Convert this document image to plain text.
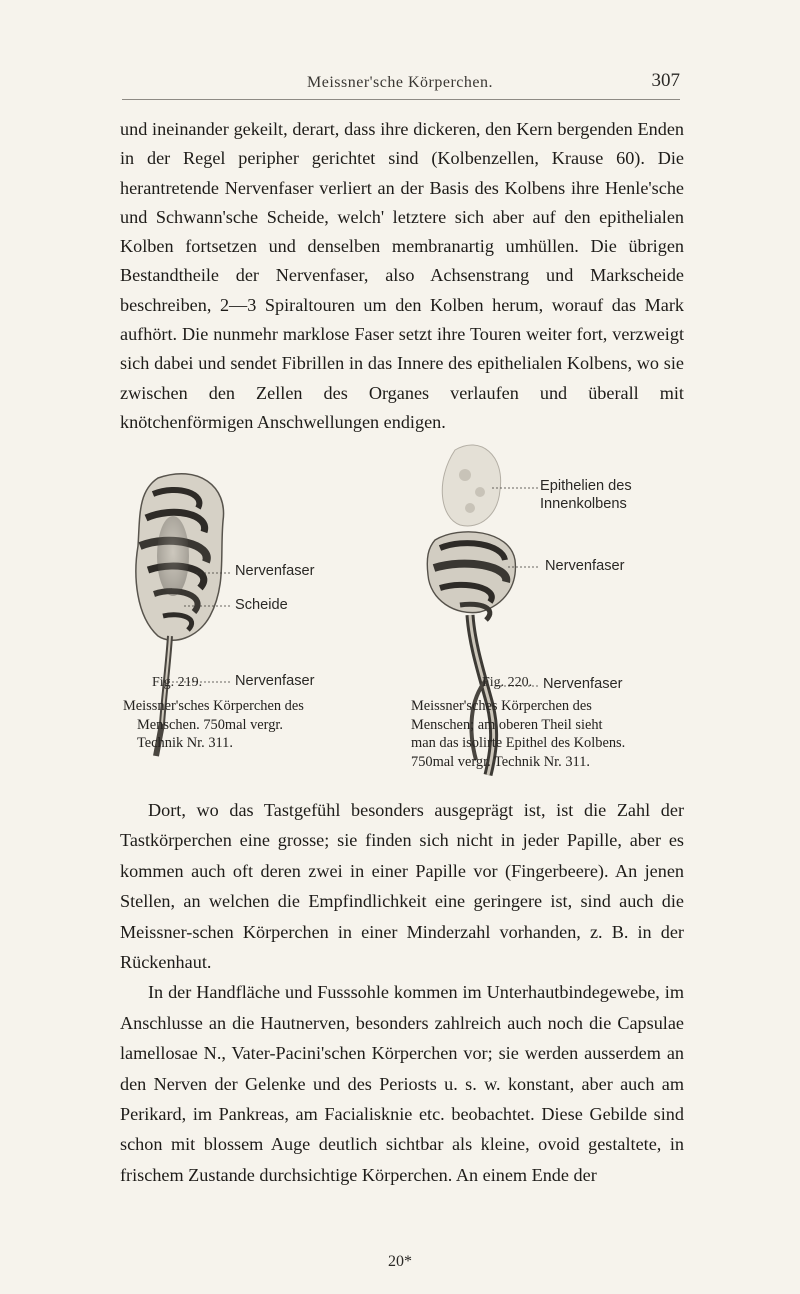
Meissner'sche Körperchen.	307

und ineinander gekeilt, derart, dass ihre dickeren, den Kern bergenden Enden in der Regel peripher gerichtet sind (Kolbenzellen, Krause 60). Die herantretende Nervenfaser verliert an der Basis des Kolbens ihre Henle'sche und Schwann'sche Scheide, welch' letztere sich aber auf den epithelialen Kolben fortsetzen und denselben membranartig umhüllen. Die übrigen Bestandtheile der Nervenfaser, also Achsenstrang und Markscheide beschreiben, 2—3 Spiraltouren um den Kolben herum, worauf das Mark aufhört. Die nunmehr marklose Faser setzt ihre Touren weiter fort, verzweigt sich dabei und sendet Fibrillen in das Innere des epithelialen Kolbens, wo sie zwischen den Zellen des Organes verlaufen und überall mit knötchenförmigen Anschwellungen endigen.

Nervenfaser
Scheide
Nervenfaser
Fig. 219.
Meissner'sches Körperchen des
Menschen. 750mal vergr.
Technik Nr. 311.
Epithelien des
Innenkolbens
Nervenfaser
Nervenfaser
Fig. 220.
Meissner'sches Körperchen des
Menschen; am oberen Theil sieht
man das isolirte Epithel des Kolbens.
750mal vergr. Technik Nr. 311.
Dort, wo das Tastgefühl besonders ausgeprägt ist, ist die Zahl der Tastkörperchen eine grosse; sie finden sich nicht in jeder Papille, aber es kommen auch oft deren zwei in einer Papille vor (Fingerbeere). An jenen Stellen, an welchen die Empfindlichkeit eine geringere ist, sind auch die Meissner-schen Körperchen in einer Minderzahl vorhanden, z. B. in der Rückenhaut.
In der Handfläche und Fusssohle kommen im Unterhautbindegewebe, im Anschlusse an die Hautnerven, besonders zahlreich auch noch die Capsulae lamellosae N., Vater-Pacini'schen Körperchen vor; sie werden ausserdem an den Nerven der Gelenke und des Periosts u. s. w. konstant, aber auch am Perikard, im Pankreas, am Facialisknie etc. beobachtet. Diese Gebilde sind schon mit blossem Auge deutlich sichtbar als kleine, ovoid gestaltete, in frischem Zustande durchsichtige Körperchen. An einem Ende der
20*
